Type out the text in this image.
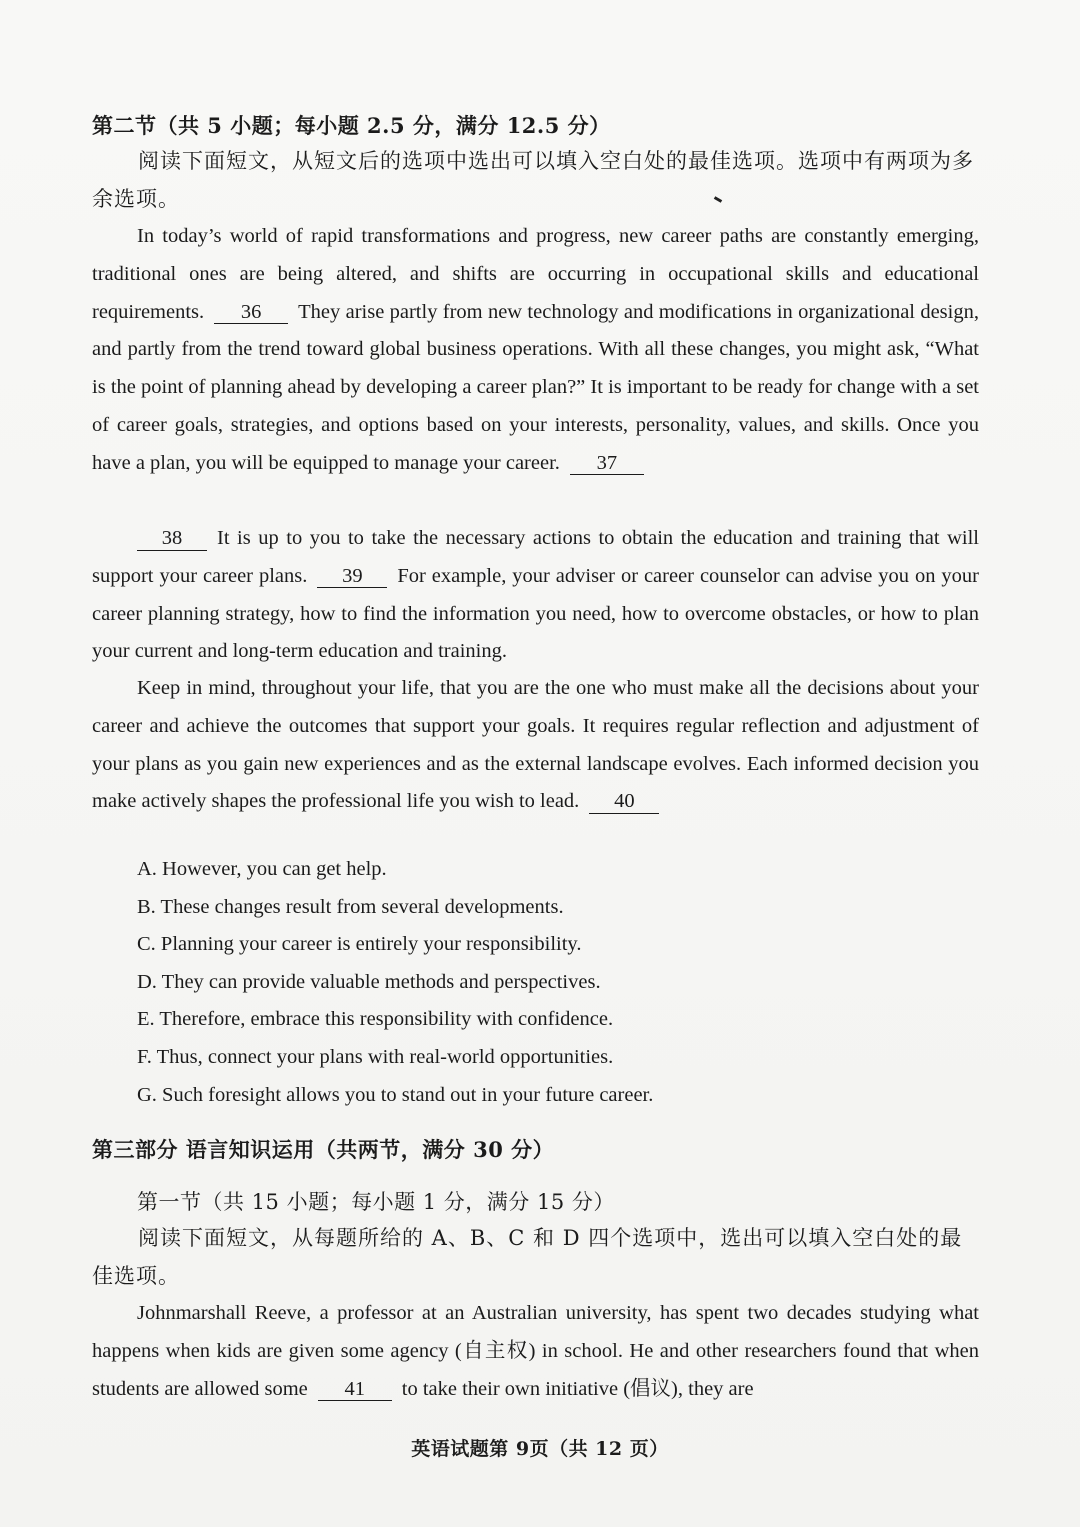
第二节（共 5 小题；每小题 2.5 分，满分 12.5 分）
阅读下面短文，从短文后的选项中选出可以填入空白处的最佳选项。选项中有两项为多余选项。
In today’s world of rapid transformations and progress, new career paths are constantly emerging, traditional ones are being altered, and shifts are occurring in occupational skills and educational requirements. 36 They arise partly from new technology and modifications in organizational design, and partly from the trend toward global business operations. With all these changes, you might ask, “What is the point of planning ahead by developing a career plan?” It is important to be ready for change with a set of career goals, strategies, and options based on your interests, personality, values, and skills. Once you have a plan, you will be equipped to manage your career. 37
38 It is up to you to take the necessary actions to obtain the education and training that will support your career plans. 39 For example, your adviser or career counselor can advise you on your career planning strategy, how to find the information you need, how to overcome obstacles, or how to plan your current and long-term education and training.
Keep in mind, throughout your life, that you are the one who must make all the decisions about your career and achieve the outcomes that support your goals. It requires regular reflection and adjustment of your plans as you gain new experiences and as the external landscape evolves. Each informed decision you make actively shapes the professional life you wish to lead. 40
A. However, you can get help.
B. These changes result from several developments.
C. Planning your career is entirely your responsibility.
D. They can provide valuable methods and perspectives.
E. Therefore, embrace this responsibility with confidence.
F. Thus, connect your plans with real-world opportunities.
G. Such foresight allows you to stand out in your future career.
第三部分 语言知识运用（共两节，满分 30 分）
第一节（共 15 小题；每小题 1 分，满分 15 分）
阅读下面短文，从每题所给的 A、B、C 和 D 四个选项中，选出可以填入空白处的最佳选项。
Johnmarshall Reeve, a professor at an Australian university, has spent two decades studying what happens when kids are given some agency (自主权) in school. He and other researchers found that when students are allowed some 41 to take their own initiative (倡议), they are
英语试题第 9页（共 12 页）
